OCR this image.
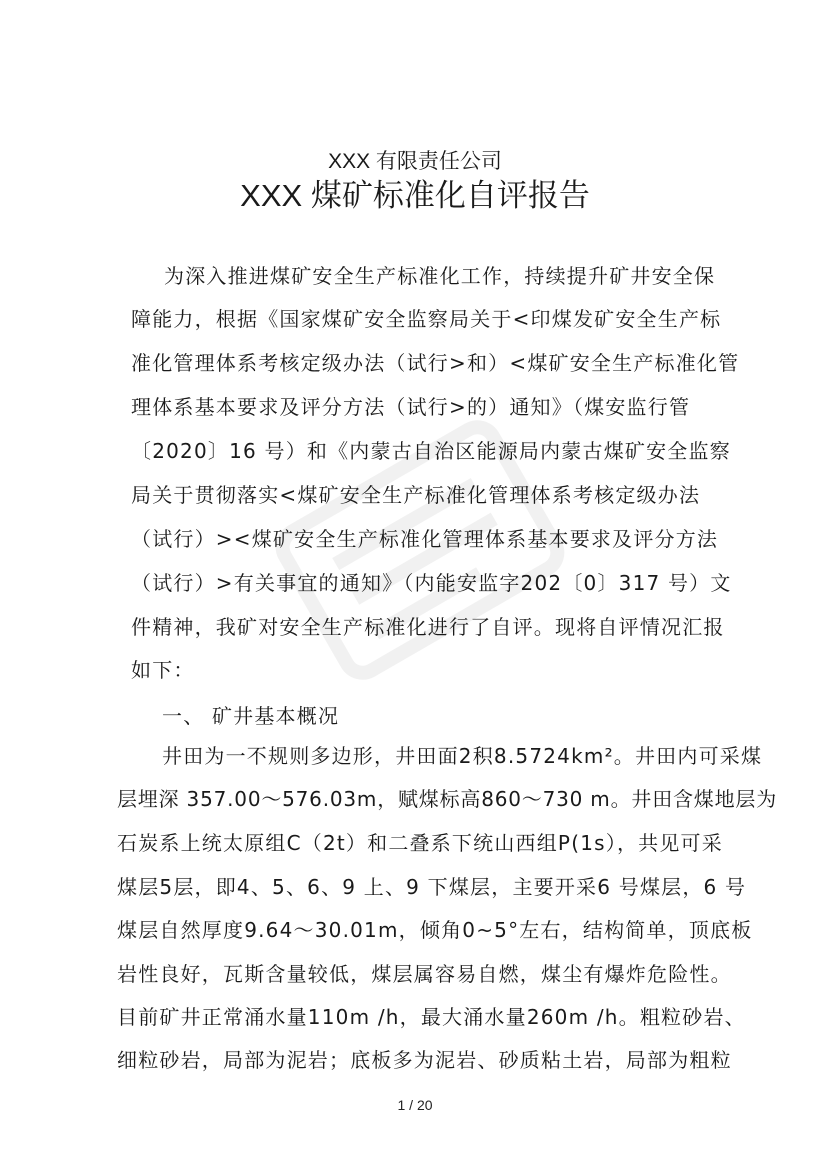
XXX 有限责任公司
XXX 煤矿标准化自评报告
为深入推进煤矿安全生产标准化工作，持续提升矿井安全保
障能力，根据《国家煤矿安全监察局关于<印煤发矿安全生产标
准化管理体系考核定级办法（试行>和）<煤矿安全生产标准化管
理体系基本要求及评分方法（试行>的）通知》（煤安监行管
〔2020〕16 号）和《内蒙古自治区能源局内蒙古煤矿安全监察
局关于贯彻落实<煤矿安全生产标准化管理体系考核定级办法
（试行）><煤矿安全生产标准化管理体系基本要求及评分方法
（试行）>有关事宜的通知》（内能安监字202〔0〕317 号）文
件精神，我矿对安全生产标准化进行了自评。现将自评情况汇报
如下：
一、 矿井基本概况
井田为一不规则多边形，井田面2积8.5724km²。井田内可采煤
层埋深 357.00～576.03m，赋煤标高860～730 m。井田含煤地层为
石炭系上统太原组C（2t）和二叠系下统山西组P(1s），共见可采
煤层5层，即4、5、6、9 上、9 下煤层，主要开采6 号煤层，6 号
煤层自然厚度9.64～30.01m，倾角0~5°左右，结构简单，顶底板
岩性良好，瓦斯含量较低，煤层属容易自燃，煤尘有爆炸危险性。
目前矿井正常涌水量110m /h，最大涌水量260m /h。粗粒砂岩、
细粒砂岩，局部为泥岩；底板多为泥岩、砂质粘土岩，局部为粗粒
1 / 20
